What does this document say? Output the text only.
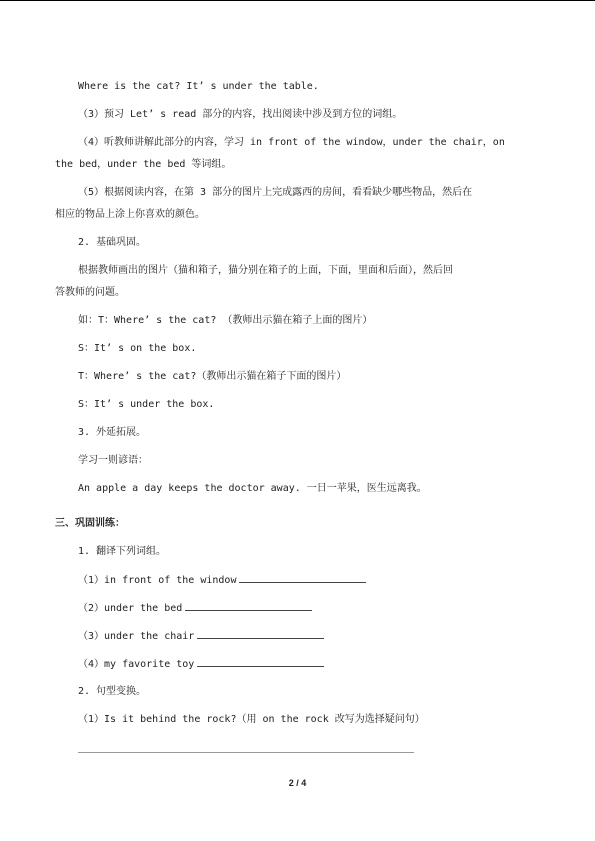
Where is the cat? It’ s under the table.
（3）预习 Let’ s read 部分的内容，找出阅读中涉及到方位的词组。
（4）听教师讲解此部分的内容，学习 in front of the window，under the chair，on
the bed，under the bed 等词组。
（5）根据阅读内容，在第 3 部分的图片上完成露西的房间，看看缺少哪些物品，然后在
相应的物品上涂上你喜欢的颜色。
2. 基础巩固。
根据教师画出的图片（猫和箱子，猫分别在箱子的上面，下面，里面和后面），然后回
答教师的问题。
如：T：Where’ s the cat? （教师出示猫在箱子上面的图片）
S：It’ s on the box.
T：Where’ s the cat?（教师出示猫在箱子下面的图片）
S：It’ s under the box.
3. 外延拓展。
学习一则谚语：
An apple a day keeps the doctor away. 一日一苹果，医生远离我。
三、巩固训练：
1. 翻译下列词组。
（1）in front of the window
（2）under the bed
（3）under the chair
（4）my favorite toy
2. 句型变换。
（1）Is it behind the rock?（用 on the rock 改写为选择疑问句）
2 / 4
